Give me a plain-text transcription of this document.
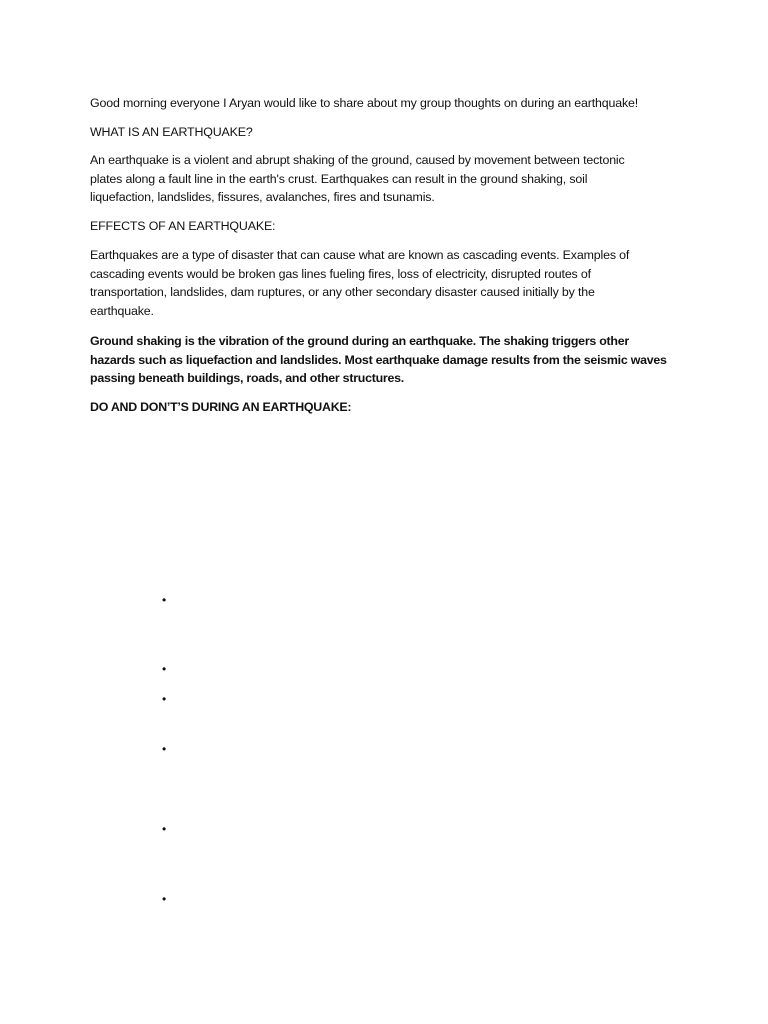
Good morning everyone I Aryan would like to share about my group thoughts on during an earthquake!

WHAT IS AN EARTHQUAKE?

An earthquake is a violent and abrupt shaking of the ground, caused by movement between tectonic
plates along a fault line in the earth's crust. Earthquakes can result in the ground shaking, soil
liquefaction, landslides, fissures, avalanches, fires and tsunamis.

EFFECTS OF AN EARTHQUAKE:

Earthquakes are a type of disaster that can cause what are known as cascading events. Examples of
cascading events would be broken gas lines fueling fires, loss of electricity, disrupted routes of
transportation, landslides, dam ruptures, or any other secondary disaster caused initially by the
earthquake.

Ground shaking is the vibration of the ground during an earthquake. The shaking triggers other
hazards such as liquefaction and landslides. Most earthquake damage results from the seismic waves
passing beneath buildings, roads, and other structures.

DO AND DON’T’S DURING AN EARTHQUAKE:

•
•
•
•
•
•
